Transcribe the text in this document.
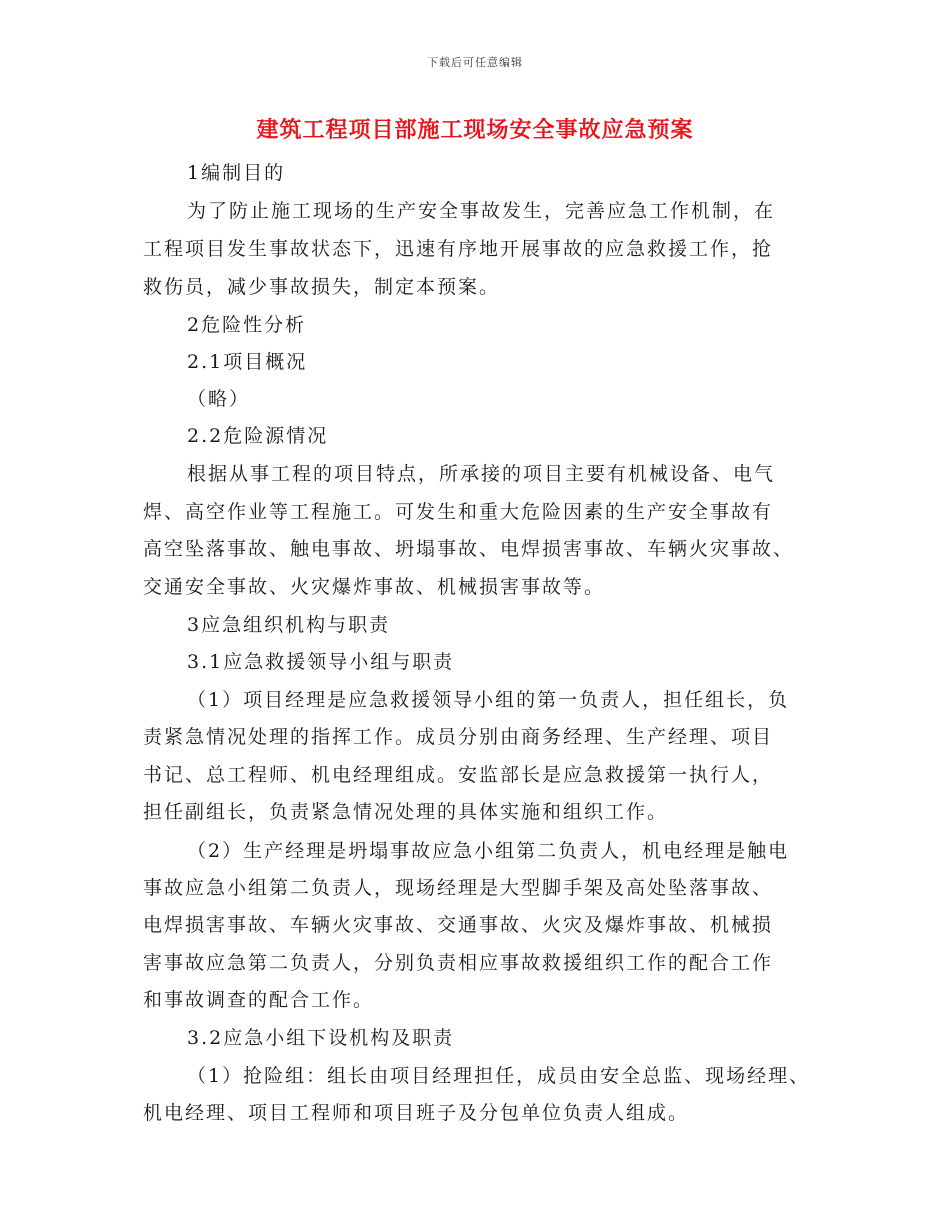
下载后可任意编辑
建筑工程项目部施工现场安全事故应急预案
1编制目的
为了防止施工现场的生产安全事故发生，完善应急工作机制，在
工程项目发生事故状态下，迅速有序地开展事故的应急救援工作，抢
救伤员，减少事故损失，制定本预案。
2危险性分析
2.1项目概况
（略）
2.2危险源情况
根据从事工程的项目特点，所承接的项目主要有机械设备、电气
焊、高空作业等工程施工。可发生和重大危险因素的生产安全事故有
高空坠落事故、触电事故、坍塌事故、电焊损害事故、车辆火灾事故、
交通安全事故、火灾爆炸事故、机械损害事故等。
3应急组织机构与职责
3.1应急救援领导小组与职责
（1）项目经理是应急救援领导小组的第一负责人，担任组长，负
责紧急情况处理的指挥工作。成员分别由商务经理、生产经理、项目
书记、总工程师、机电经理组成。安监部长是应急救援第一执行人，
担任副组长，负责紧急情况处理的具体实施和组织工作。
（2）生产经理是坍塌事故应急小组第二负责人，机电经理是触电
事故应急小组第二负责人，现场经理是大型脚手架及高处坠落事故、
电焊损害事故、车辆火灾事故、交通事故、火灾及爆炸事故、机械损
害事故应急第二负责人，分别负责相应事故救援组织工作的配合工作
和事故调查的配合工作。
3.2应急小组下设机构及职责
（1）抢险组：组长由项目经理担任，成员由安全总监、现场经理、
机电经理、项目工程师和项目班子及分包单位负责人组成。
